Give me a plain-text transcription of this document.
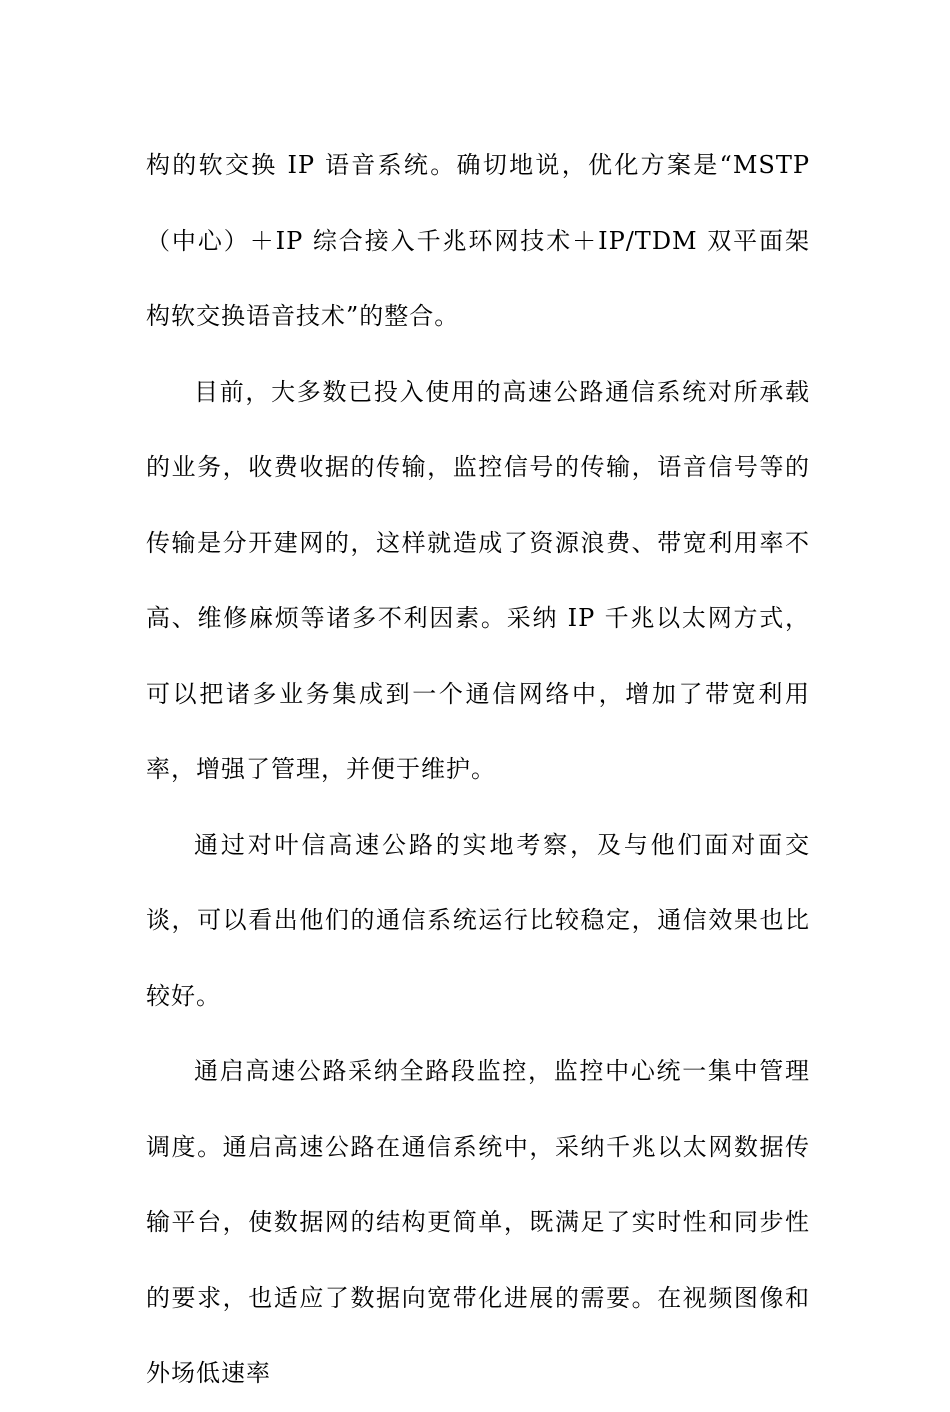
构的软交换 IP 语音系统。确切地说，优化方案是“MSTP（中心）＋IP 综合接入千兆环网技术＋IP/TDM 双平面架构软交换语音技术”的整合。

目前，大多数已投入使用的高速公路通信系统对所承载的业务，收费收据的传输，监控信号的传输，语音信号等的传输是分开建网的，这样就造成了资源浪费、带宽利用率不高、维修麻烦等诸多不利因素。采纳 IP 千兆以太网方式，可以把诸多业务集成到一个通信网络中，增加了带宽利用率，增强了管理，并便于维护。

通过对叶信高速公路的实地考察，及与他们面对面交谈，可以看出他们的通信系统运行比较稳定，通信效果也比较好。

通启高速公路采纳全路段监控，监控中心统一集中管理调度。通启高速公路在通信系统中，采纳千兆以太网数据传输平台，使数据网的结构更简单，既满足了实时性和同步性的要求，也适应了数据向宽带化进展的需要。在视频图像和外场低速率
